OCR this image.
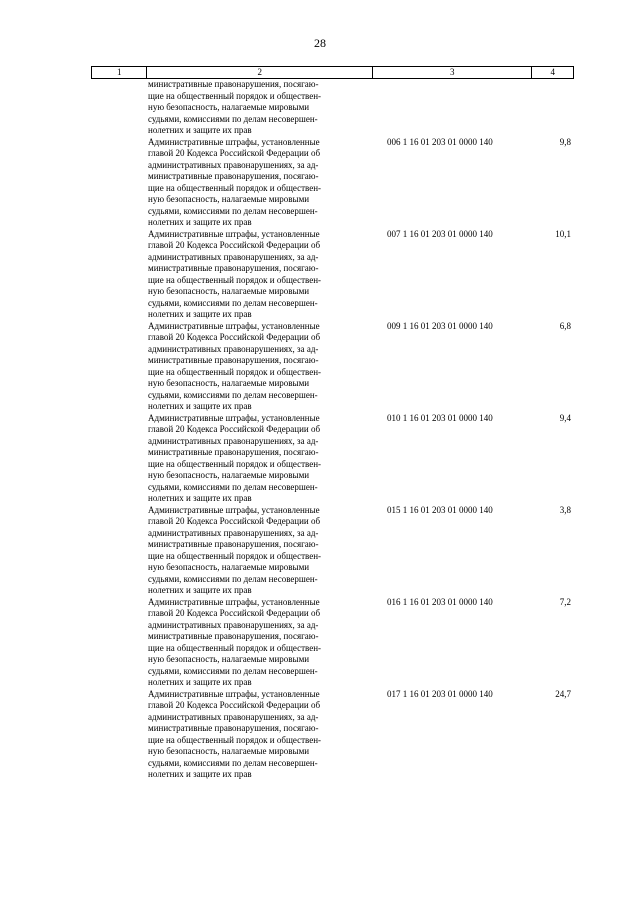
28
1	2	3	4
министративные правонарушения, посягаю-
щие на общественный порядок и обществен-
ную безопасность, налагаемые мировыми
судьями, комиссиями по делам несовершен-
нолетних и защите их прав
Административные штрафы, установленные
главой 20 Кодекса Российской Федерации об
административных правонарушениях, за ад-
министративные правонарушения, посягаю-
щие на общественный порядок и обществен-
ную безопасность, налагаемые мировыми
судьями, комиссиями по делам несовершен-
нолетних и защите их прав
006 1 16 01 203 01 0000 140	9,8
Административные штрафы, установленные
главой 20 Кодекса Российской Федерации об
административных правонарушениях, за ад-
министративные правонарушения, посягаю-
щие на общественный порядок и обществен-
ную безопасность, налагаемые мировыми
судьями, комиссиями по делам несовершен-
нолетних и защите их прав
007 1 16 01 203 01 0000 140	10,1
Административные штрафы, установленные
главой 20 Кодекса Российской Федерации об
административных правонарушениях, за ад-
министративные правонарушения, посягаю-
щие на общественный порядок и обществен-
ную безопасность, налагаемые мировыми
судьями, комиссиями по делам несовершен-
нолетних и защите их прав
009 1 16 01 203 01 0000 140	6,8
Административные штрафы, установленные
главой 20 Кодекса Российской Федерации об
административных правонарушениях, за ад-
министративные правонарушения, посягаю-
щие на общественный порядок и обществен-
ную безопасность, налагаемые мировыми
судьями, комиссиями по делам несовершен-
нолетних и защите их прав
010 1 16 01 203 01 0000 140	9,4
Административные штрафы, установленные
главой 20 Кодекса Российской Федерации об
административных правонарушениях, за ад-
министративные правонарушения, посягаю-
щие на общественный порядок и обществен-
ную безопасность, налагаемые мировыми
судьями, комиссиями по делам несовершен-
нолетних и защите их прав
015 1 16 01 203 01 0000 140	3,8
Административные штрафы, установленные
главой 20 Кодекса Российской Федерации об
административных правонарушениях, за ад-
министративные правонарушения, посягаю-
щие на общественный порядок и обществен-
ную безопасность, налагаемые мировыми
судьями, комиссиями по делам несовершен-
нолетних и защите их прав
016 1 16 01 203 01 0000 140	7,2
Административные штрафы, установленные
главой 20 Кодекса Российской Федерации об
административных правонарушениях, за ад-
министративные правонарушения, посягаю-
щие на общественный порядок и обществен-
ную безопасность, налагаемые мировыми
судьями, комиссиями по делам несовершен-
нолетних и защите их прав
017 1 16 01 203 01 0000 140	24,7
